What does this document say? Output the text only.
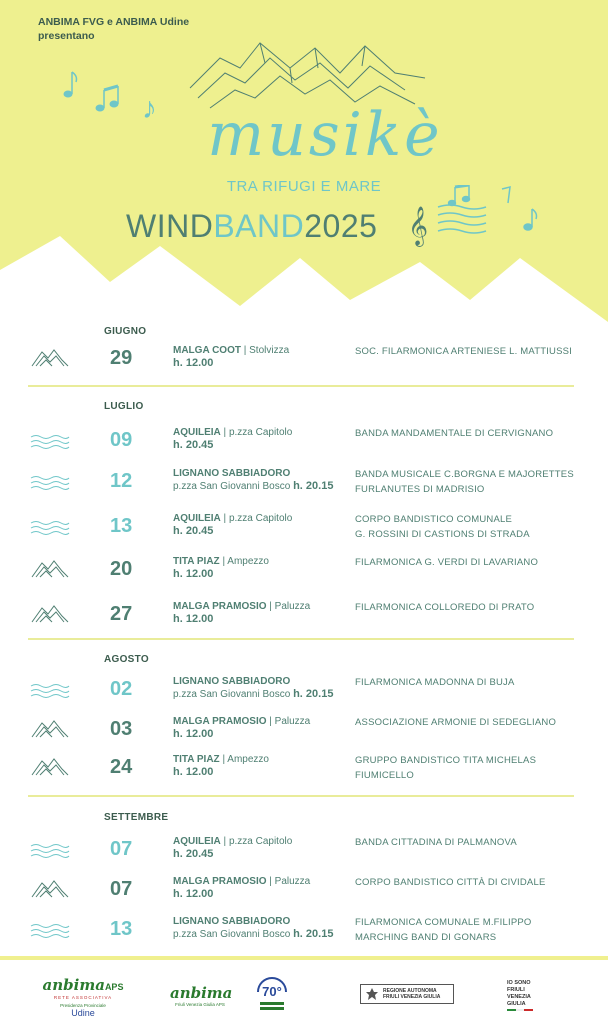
ANBIMA FVG e ANBIMA Udine
presentano
♪ musikè
TRA RIFUGI E MARE
WINDBAND2025 𝄞
GIUGNO
29	MALGA COOT | Stolvizza
h. 12.00
SOC. FILARMONICA ARTENIESE L. MATTIUSSI
LUGLIO
09	AQUILEIA | p.zza Capitolo
h. 20.45
BANDA MANDAMENTALE DI CERVIGNANO
12	LIGNANO SABBIADORO
p.zza San Giovanni Bosco h. 20.15
BANDA MUSICALE C.BORGNA E MAJORETTES
FURLANUTES DI MADRISIO
13	AQUILEIA | p.zza Capitolo
h. 20.45
CORPO BANDISTICO COMUNALE
G. ROSSINI DI CASTIONS DI STRADA
20	TITA PIAZ | Ampezzo
h. 12.00
FILARMONICA G. VERDI DI LAVARIANO
27	MALGA PRAMOSIO | Paluzza
h. 12.00
FILARMONICA COLLOREDO DI PRATO
AGOSTO
02	LIGNANO SABBIADORO
p.zza San Giovanni Bosco h. 20.15
FILARMONICA MADONNA DI BUJA
03	MALGA PRAMOSIO | Paluzza
h. 12.00
ASSOCIAZIONE ARMONIE DI SEDEGLIANO
24	TITA PIAZ | Ampezzo
h. 12.00
GRUPPO BANDISTICO TITA MICHELAS
FIUMICELLO
SETTEMBRE
07	AQUILEIA | p.zza Capitolo
h. 20.45
BANDA CITTADINA DI PALMANOVA
07	MALGA PRAMOSIO | Paluzza
h. 12.00
CORPO BANDISTICO CITTÀ DI CIVIDALE
13	LIGNANO SABBIADORO
p.zza San Giovanni Bosco h. 20.15
FILARMONICA COMUNALE M.FILIPPO
MARCHING BAND DI GONARS
anbimaAPS
RETE ASSOCIATIVA
Presidenza Provinciale
Udine
anbima
Friuli Venezia Giulia APS
70°	REGIONE AUTONOMA
FRIULI VENEZIA GIULIA
IO SONO
FRIULI
VENEZIA
GIULIA
